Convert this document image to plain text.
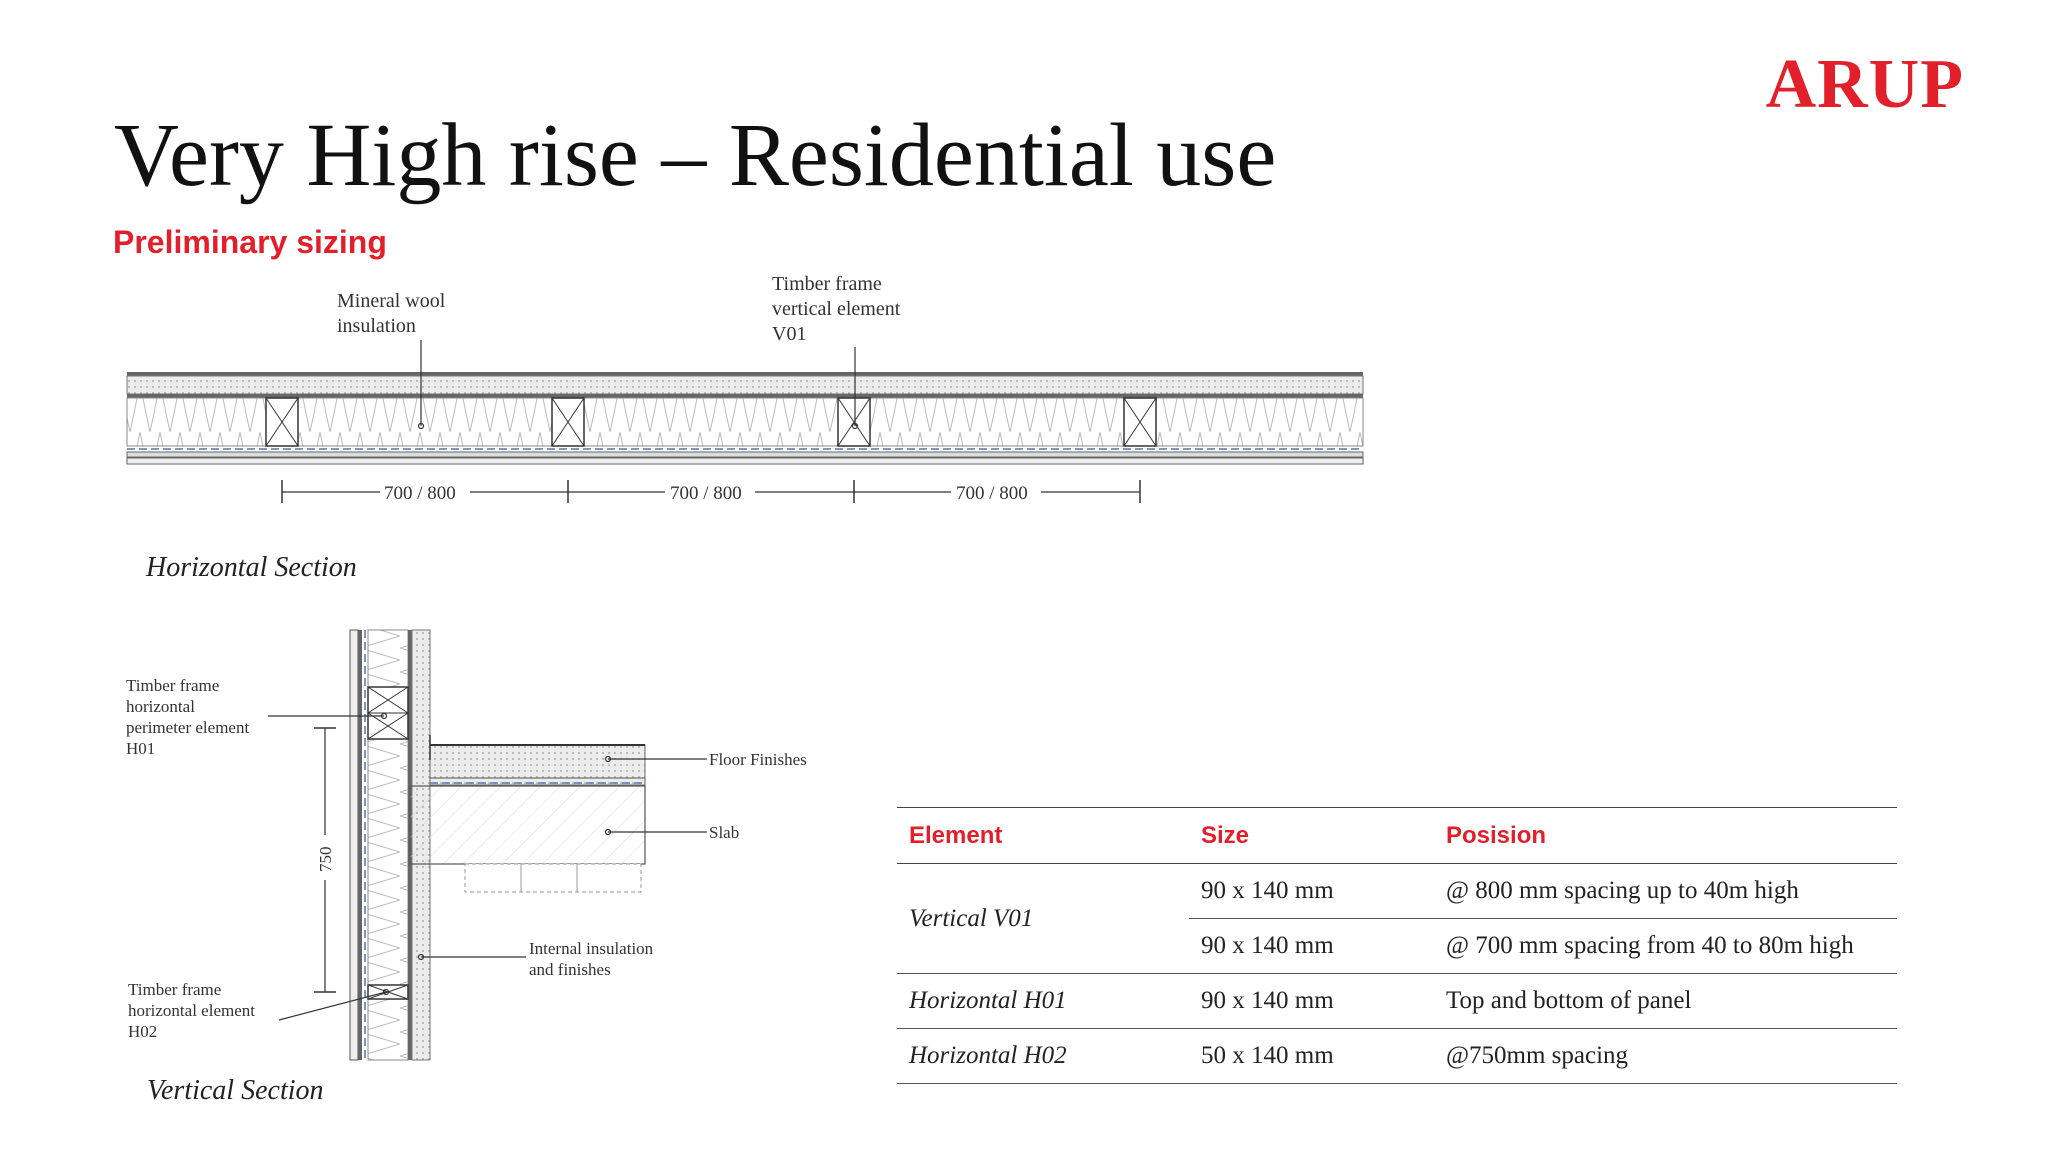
ARUP
Very High rise – Residential use
Preliminary sizing
Mineral wool insulation
Timber frame vertical element V01
700 / 800	700 / 800	700 / 800
750
Timber frame horizontal perimeter element H01
Timber frame horizontal element H02
Floor Finishes
Slab
Internal insulation and finishes
Horizontal Section
Vertical Section
Element	Size	Posision
Vertical V01	90 x 140 mm	@ 800 mm spacing up to 40m high
	90 x 140 mm	@ 700 mm spacing from 40 to 80m high
Horizontal H01	90 x 140 mm	Top and bottom of panel
Horizontal H02	50 x 140 mm	@750mm spacing
